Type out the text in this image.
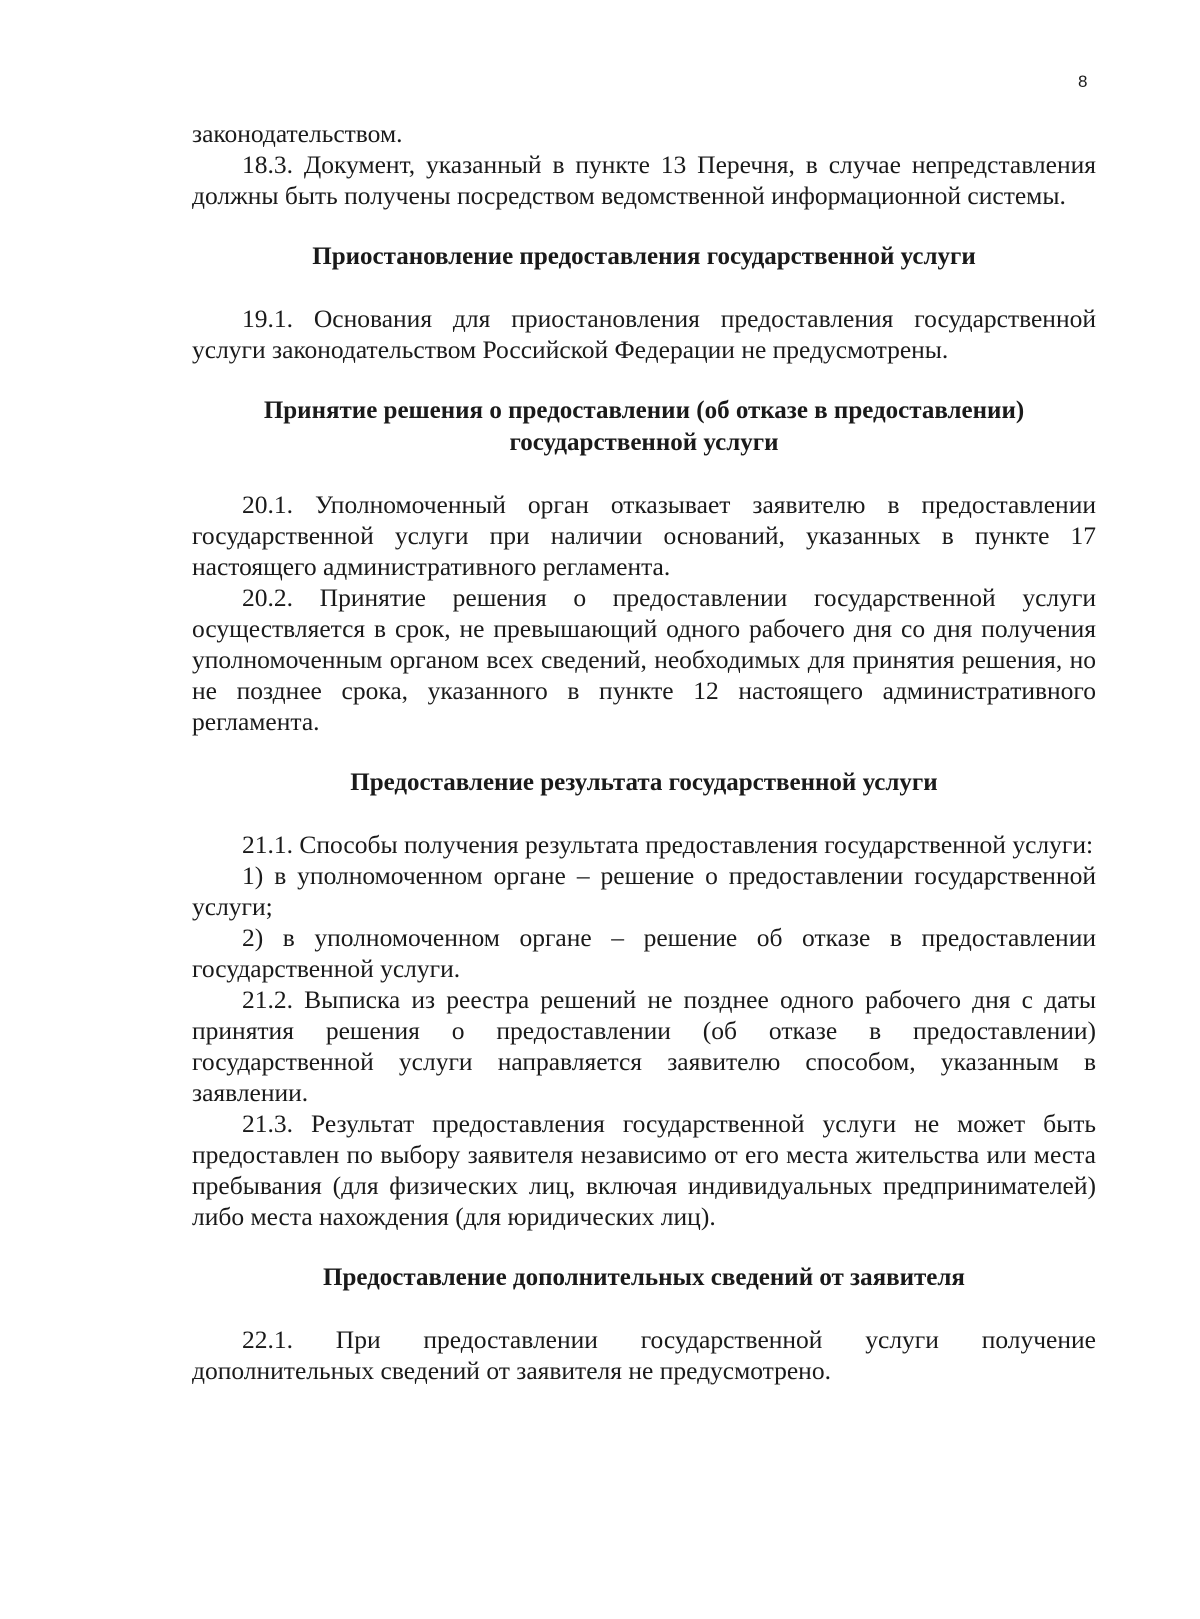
8

законодательством.

18.3. Документ, указанный в пункте 13 Перечня, в случае непредставления должны быть получены посредством ведомственной информационной системы.

Приостановление предоставления государственной услуги

19.1. Основания для приостановления предоставления государственной услуги законодательством Российской Федерации не предусмотрены.

Принятие решения о предоставлении (об отказе в предоставлении)
государственной услуги

20.1. Уполномоченный орган отказывает заявителю в предоставлении государственной услуги при наличии оснований, указанных в пункте 17 настоящего административного регламента.

20.2. Принятие решения о предоставлении государственной услуги осуществляется в срок, не превышающий одного рабочего дня со дня получения уполномоченным органом всех сведений, необходимых для принятия решения, но не позднее срока, указанного в пункте 12 настоящего административного регламента.

Предоставление результата государственной услуги

21.1. Способы получения результата предоставления государственной услуги:

1) в уполномоченном органе – решение о предоставлении государственной услуги;

2) в уполномоченном органе – решение об отказе в предоставлении государственной услуги.

21.2. Выписка из реестра решений не позднее одного рабочего дня с даты принятия решения о предоставлении (об отказе в предоставлении) государственной услуги направляется заявителю способом, указанным в заявлении.

21.3. Результат предоставления государственной услуги не может быть предоставлен по выбору заявителя независимо от его места жительства или места пребывания (для физических лиц, включая индивидуальных предпринимателей) либо места нахождения (для юридических лиц).

Предоставление дополнительных сведений от заявителя

22.1. При предоставлении государственной услуги получение дополнительных сведений от заявителя не предусмотрено.
